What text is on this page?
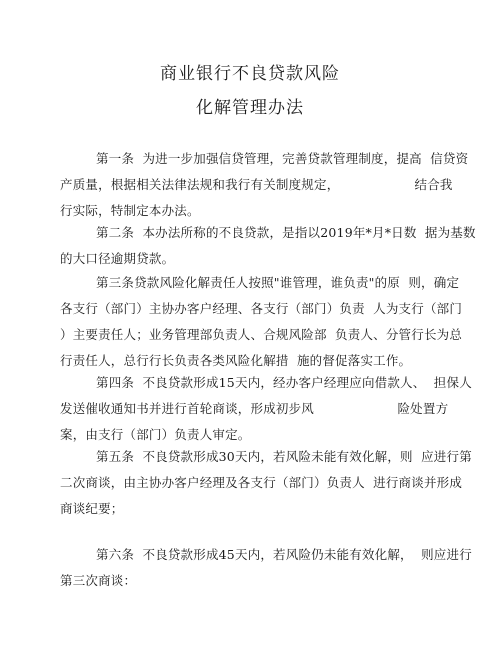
商业银行不良贷款风险
化解管理办法
第一条  为进一步加强信贷管理，完善贷款管理制度，提高  信贷资
产质量，根据相关法律法规和我行有关制度规定，                  结合我
行实际，特制定本办法。
第二条  本办法所称的不良贷款，是指以2019年*月*日数  据为基数
的大口径逾期贷款。
第三条贷款风险化解责任人按照"谁管理，谁负责"的原  则，确定
各支行（部门）主协办客户经理、各支行（部门）负责  人为支行（部门
）主要责任人；业务管理部负责人、合规风险部  负责人、分管行长为总
行责任人，总行行长负责各类风险化解措  施的督促落实工作。
第四条  不良贷款形成15天内，经办客户经理应向借款人、  担保人
发送催收通知书并进行首轮商谈，形成初步风                    险处置方
案，由支行（部门）负责人审定。
第五条  不良贷款形成30天内，若风险未能有效化解，则  应进行第
二次商谈，由主协办客户经理及各支行（部门）负责人  进行商谈并形成
商谈纪要；
第六条  不良贷款形成45天内，若风险仍未能有效化解，  则应进行
第三次商谈：
